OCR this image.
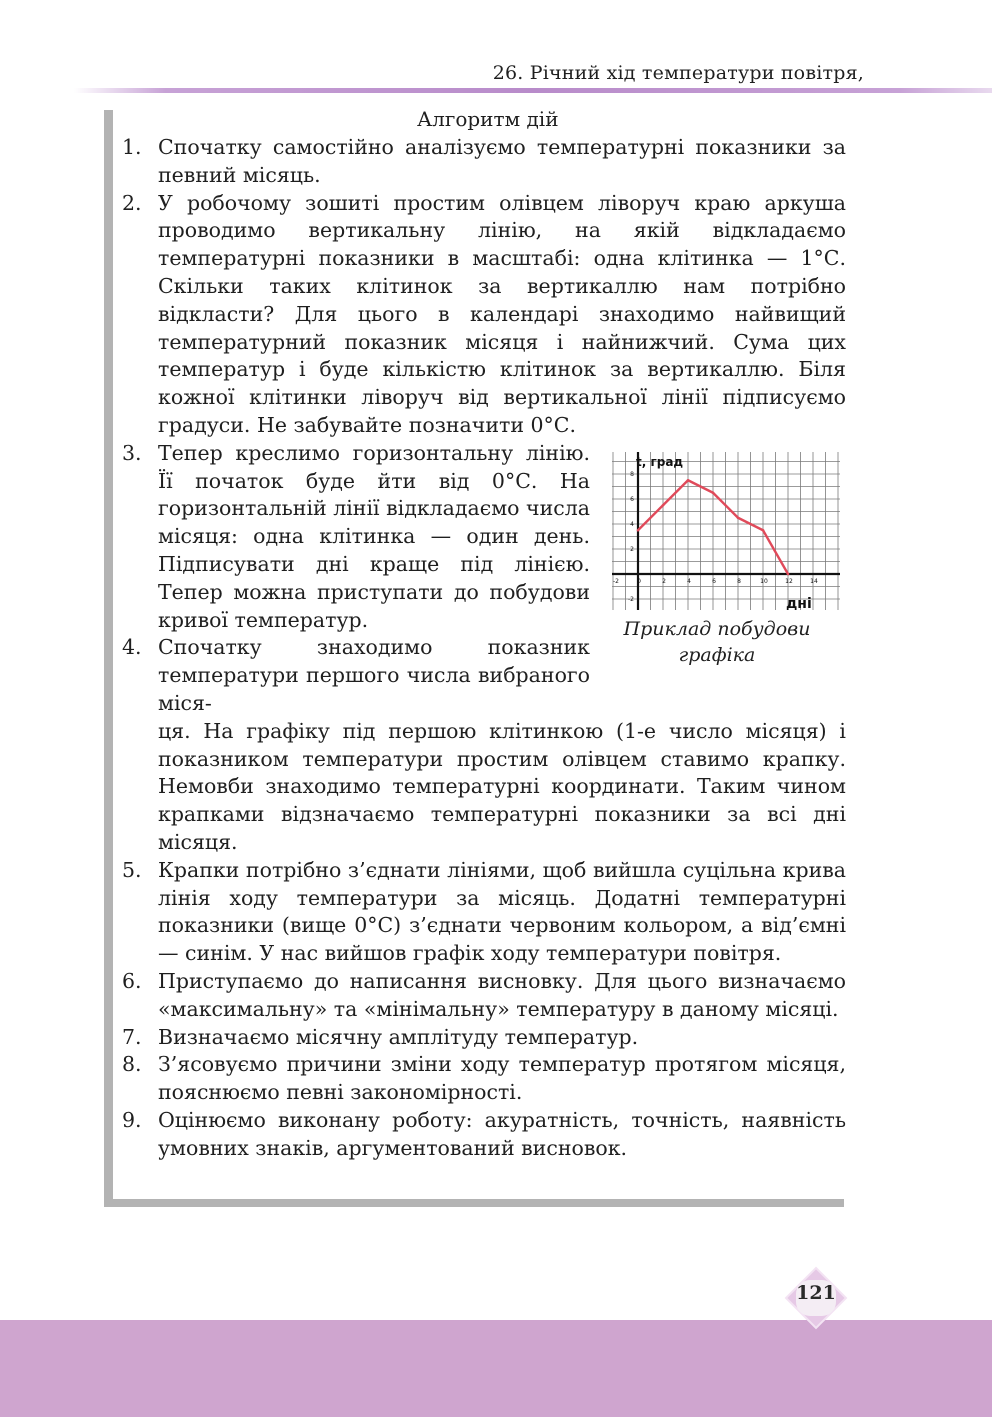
26. Річний хід температури повітря,
Алгоритм дій
1. Спочатку самостійно аналізуємо температурні показники за певний місяць.

2. У робочому зошиті простим олівцем ліворуч краю аркуша проводимо вертикальну лінію, на якій відкладаємо температурні показники в масштабі: одна клітинка — 1°С. Скільки таких клітинок за вертикаллю нам потрібно відкласти? Для цього в календарі знаходимо найвищий температурний показник місяця і найнижчий. Сума цих температур і буде кількістю клітинок за вертикаллю. Біля кожної клітинки ліворуч від вертикальної лінії підписуємо градуси. Не забувайте позначити 0°С.

3. Тепер креслимо горизонтальну лінію. Її початок буде йти від 0°С. На горизонтальній лінії відкладаємо числа місяця: одна клітинка — один день. Підписувати дні краще під лінією. Тепер можна приступати до побудови кривої температур.

4. Спочатку знаходимо показник температури першого числа вибраного міся-

ця. На графіку під першою клітинкою (1-е число місяця) і показником температури простим олівцем ставимо крапку. Немовби знаходимо температурні координати. Таким чином крапками відзначаємо температурні показники за всі дні місяця.

5. Крапки потрібно з’єднати лініями, щоб вийшла суцільна крива лінія ходу температури за місяць. Додатні температурні показники (вище 0°С) з’єднати червоним кольором, а від’ємні — синім. У нас вийшов графік ходу температури повітря.

6. Приступаємо до написання висновку. Для цього визначаємо «максимальну» та «мінімальну» температуру в даному місяці.

7. Визначаємо місячну амплітуду температур.

8. З’ясовуємо причини зміни ходу температур протягом місяця, пояснюємо певні закономірності.

9. Оцінюємо виконану роботу: акуратність, точність, наявність умовних знаків, аргументований висновок.

0	2	4	6	8	10	12	14
-2
-2
2
4
6
8
t, град
дні
Приклад побудови графіка
121
